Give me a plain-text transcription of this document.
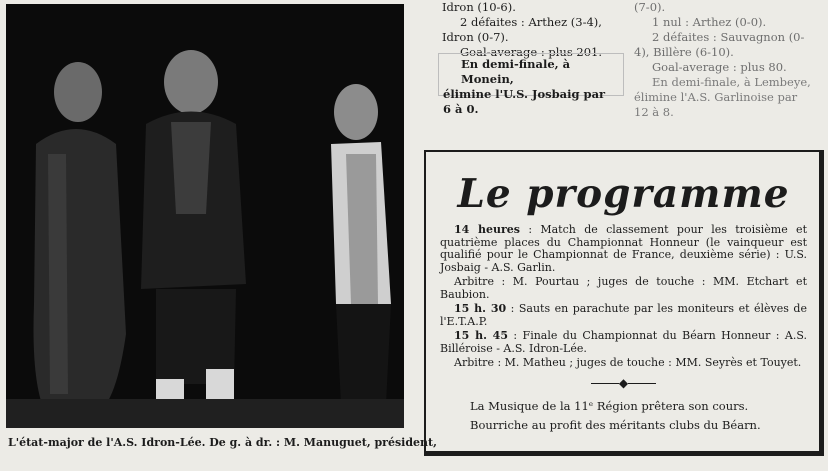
L'état-major de l'A.S. Idron-Lée. De g. à dr. : M. Manuguet, président,

Idron (10-6).

2 défaites : Arthez (3-4),

Idron (0-7).

Goal-average : plus 201.

En demi-finale, à Monein,

élimine l'U.S. Josbaig par

6 à 0.

(7-0).

1 nul : Arthez (0-0).

2 défaites : Sauvagnon (0-

4), Billère (6-10).

Goal-average : plus 80.

En demi-finale, à Lembeye,

élimine l'A.S. Garlinoise par

12 à 8.

Le programme

14 heures : Match de classement pour les troisième et quatrième places du Championnat Honneur (le vainqueur est qualifié pour le Championnat de France, deuxième série) : U.S. Josbaig - A.S. Garlin.

Arbitre : M. Pourtau ; juges de touche : MM. Etchart et Baubion.

15 h. 30 : Sauts en parachute par les moniteurs et élèves de l'E.T.A.P.

15 h. 45 : Finale du Championnat du Béarn Honneur : A.S. Billéroise - A.S. Idron-Lée.

Arbitre : M. Matheu ; juges de touche : MM. Seyrès et Touyet.

◆

La Musique de la 11ᵉ Région prêtera son cours.

Bourriche au profit des méritants clubs du Béarn.
